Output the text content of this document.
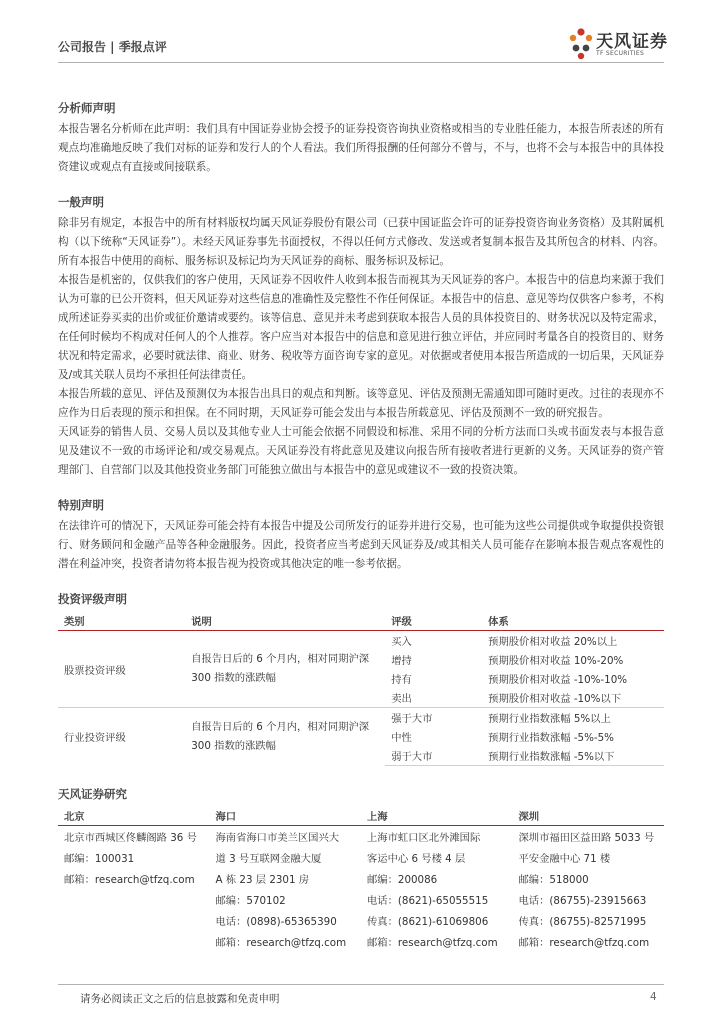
公司报告 | 季报点评	天风证券
TF SECURITIES
分析师声明

本报告署名分析师在此声明：我们具有中国证券业协会授予的证券投资咨询执业资格或相当的专业胜任能力，本报告所表述的所有观点均准确地反映了我们对标的证券和发行人的个人看法。我们所得报酬的任何部分不曾与，不与，也将不会与本报告中的具体投资建议或观点有直接或间接联系。

一般声明

除非另有规定，本报告中的所有材料版权均属天风证券股份有限公司（已获中国证监会许可的证券投资咨询业务资格）及其附属机构（以下统称“天风证券”）。未经天风证券事先书面授权，不得以任何方式修改、发送或者复制本报告及其所包含的材料、内容。所有本报告中使用的商标、服务标识及标记均为天风证券的商标、服务标识及标记。

本报告是机密的，仅供我们的客户使用，天风证券不因收件人收到本报告而视其为天风证券的客户。本报告中的信息均来源于我们认为可靠的已公开资料，但天风证券对这些信息的准确性及完整性不作任何保证。本报告中的信息、意见等均仅供客户参考，不构成所述证券买卖的出价或征价邀请或要约。该等信息、意见并未考虑到获取本报告人员的具体投资目的、财务状况以及特定需求，在任何时候均不构成对任何人的个人推荐。客户应当对本报告中的信息和意见进行独立评估，并应同时考量各自的投资目的、财务状况和特定需求，必要时就法律、商业、财务、税收等方面咨询专家的意见。对依据或者使用本报告所造成的一切后果，天风证券及/或其关联人员均不承担任何法律责任。

本报告所载的意见、评估及预测仅为本报告出具日的观点和判断。该等意见、评估及预测无需通知即可随时更改。过往的表现亦不应作为日后表现的预示和担保。在不同时期，天风证券可能会发出与本报告所载意见、评估及预测不一致的研究报告。

天风证券的销售人员、交易人员以及其他专业人士可能会依据不同假设和标准、采用不同的分析方法而口头或书面发表与本报告意见及建议不一致的市场评论和/或交易观点。天风证券没有将此意见及建议向报告所有接收者进行更新的义务。天风证券的资产管理部门、自营部门以及其他投资业务部门可能独立做出与本报告中的意见或建议不一致的投资决策。

特别声明

在法律许可的情况下，天风证券可能会持有本报告中提及公司所发行的证券并进行交易，也可能为这些公司提供或争取提供投资银行、财务顾问和金融产品等各种金融服务。因此，投资者应当考虑到天风证券及/或其相关人员可能存在影响本报告观点客观性的潜在利益冲突，投资者请勿将本报告视为投资或其他决定的唯一参考依据。

投资评级声明
类别	说明	评级	体系
股票投资评级	自报告日后的 6 个月内，相对同期沪深 300 指数的涨跌幅	买入	预期股价相对收益 20%以上
		增持	预期股价相对收益 10%-20%
		持有	预期股价相对收益 -10%-10%
		卖出	预期股价相对收益 -10%以下
行业投资评级	自报告日后的 6 个月内，相对同期沪深 300 指数的涨跌幅	强于大市	预期行业指数涨幅 5%以上
		中性	预期行业指数涨幅 -5%-5%
		弱于大市	预期行业指数涨幅 -5%以下
天风证券研究
北京	海口	上海	深圳
北京市西城区佟麟阁路 36 号	海南省海口市美兰区国兴大	上海市虹口区北外滩国际	深圳市福田区益田路 5033 号
邮编：100031	道 3 号互联网金融大厦	客运中心 6 号楼 4 层	平安金融中心 71 楼
邮箱：research@tfzq.com	A 栋 23 层 2301 房	邮编：200086	邮编：518000
	邮编：570102	电话：(8621)-65055515	电话：(86755)-23915663
	电话：(0898)-65365390	传真：(8621)-61069806	传真：(86755)-82571995
	邮箱：research@tfzq.com	邮箱：research@tfzq.com	邮箱：research@tfzq.com
请务必阅读正文之后的信息披露和免责申明	4
